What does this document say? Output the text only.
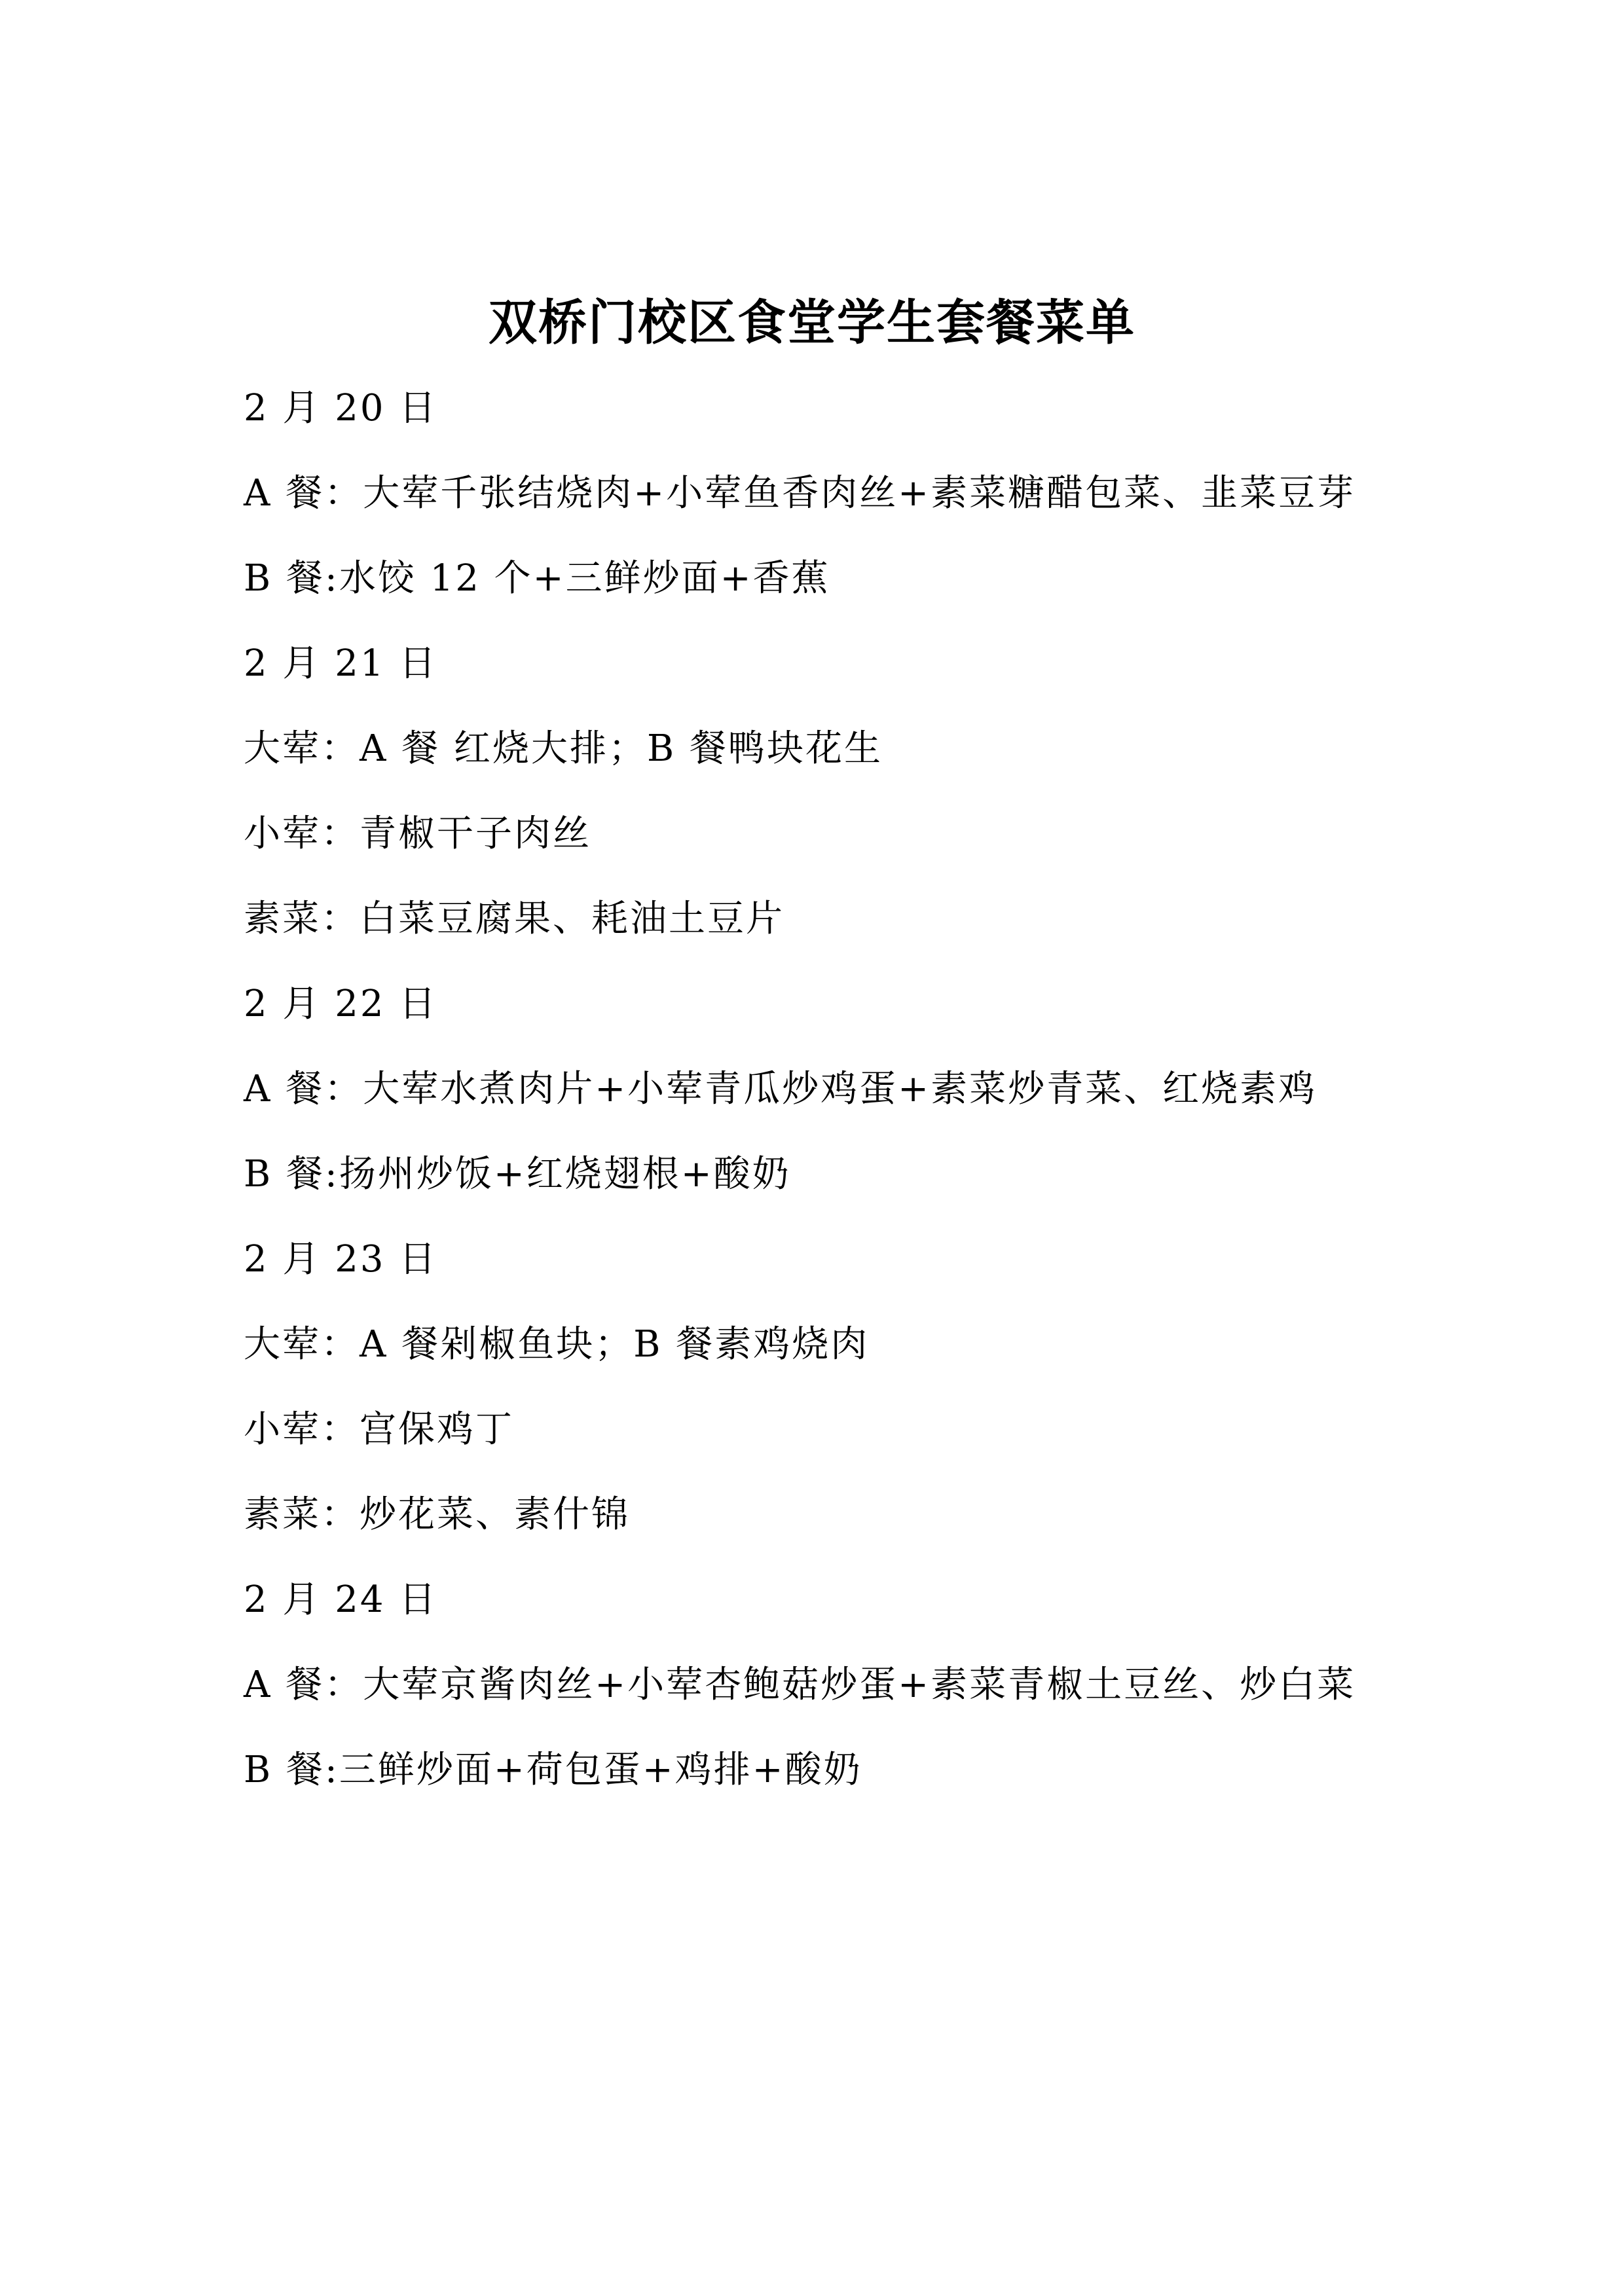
双桥门校区食堂学生套餐菜单
2 月 20 日
A 餐：大荤千张结烧肉+小荤鱼香肉丝+素菜糖醋包菜、韭菜豆芽
B 餐:水饺 12 个+三鲜炒面+香蕉
2 月 21 日
大荤：A 餐 红烧大排；B 餐鸭块花生
小荤：青椒干子肉丝
素菜：白菜豆腐果、耗油土豆片
2 月 22 日
A 餐：大荤水煮肉片+小荤青瓜炒鸡蛋+素菜炒青菜、红烧素鸡
B 餐:扬州炒饭+红烧翅根+酸奶
2 月 23 日
大荤：A 餐剁椒鱼块；B 餐素鸡烧肉
小荤：宫保鸡丁
素菜：炒花菜、素什锦
2 月 24 日
A 餐：大荤京酱肉丝+小荤杏鲍菇炒蛋+素菜青椒土豆丝、炒白菜
B 餐:三鲜炒面+荷包蛋+鸡排+酸奶
